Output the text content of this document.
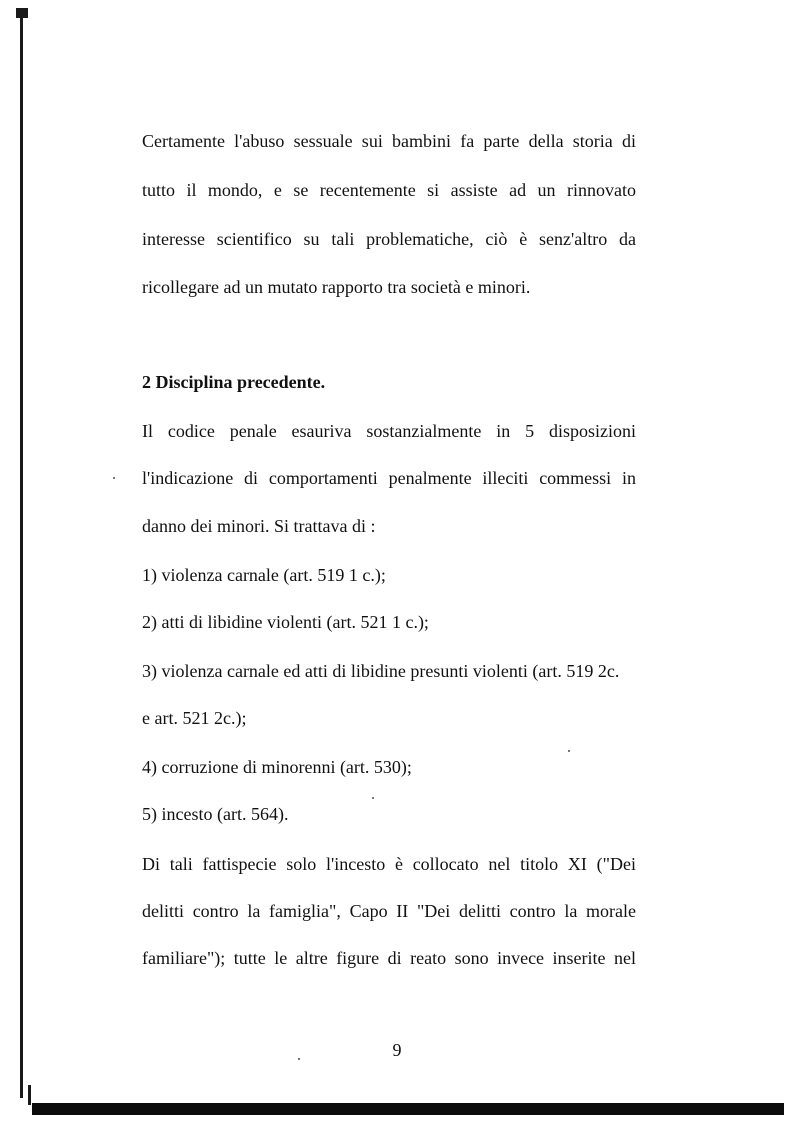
Certamente l'abuso sessuale sui bambini fa parte della storia di
tutto il mondo, e se recentemente si assiste ad un rinnovato
interesse scientifico su tali problematiche, ciò è senz'altro da
ricollegare ad un mutato rapporto tra società e minori.
2 Disciplina precedente.
Il codice penale esauriva sostanzialmente in 5 disposizioni
l'indicazione di comportamenti penalmente illeciti commessi in
danno dei minori. Si trattava di :
1) violenza carnale (art. 519 1 c.);
2) atti di libidine violenti (art. 521 1 c.);
3) violenza carnale ed atti di libidine presunti violenti (art. 519 2c.
e art. 521 2c.);
4) corruzione di minorenni (art. 530);
5) incesto (art. 564).
Di tali fattispecie solo l'incesto è collocato nel titolo XI ("Dei
delitti contro la famiglia", Capo II "Dei delitti contro la morale
familiare"); tutte le altre figure di reato sono invece inserite nel
9
